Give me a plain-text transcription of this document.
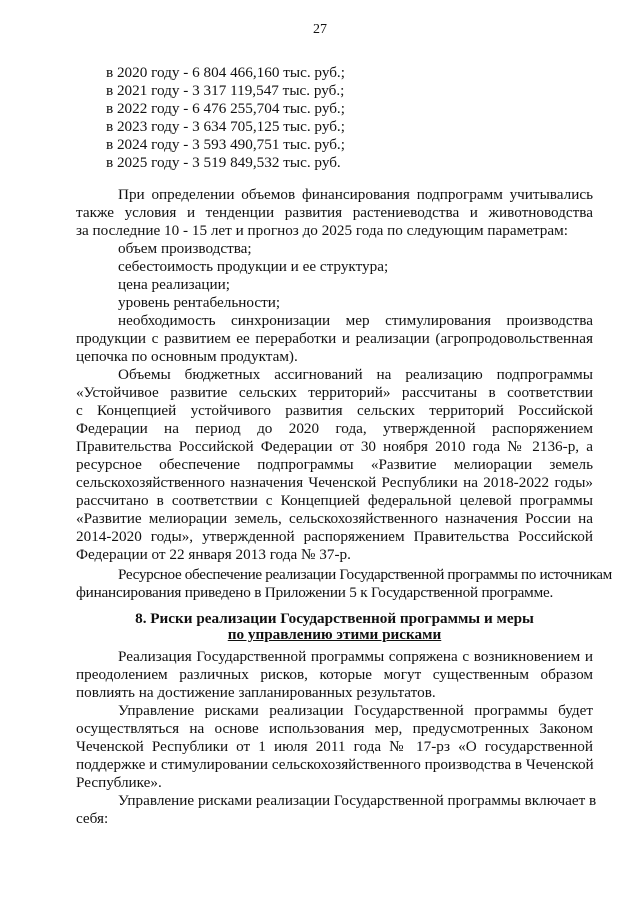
27
в 2020 году - 6 804 466,160 тыс. руб.;
в 2021 году - 3 317 119,547 тыс. руб.;
в 2022 году - 6 476 255,704 тыс. руб.;
в 2023 году - 3 634 705,125 тыс. руб.;
в 2024 году - 3 593 490,751 тыс. руб.;
в 2025 году - 3 519 849,532 тыс. руб.
При определении объемов финансирования подпрограмм учитывались
также условия и тенденции развития растениеводства и животноводства
за последние 10 - 15 лет и прогноз до 2025 года по следующим параметрам:
объем производства;
себестоимость продукции и ее структура;
цена реализации;
уровень рентабельности;
необходимость синхронизации мер стимулирования производства
продукции с развитием ее переработки и реализации (агропродовольственная
цепочка по основным продуктам).
Объемы бюджетных ассигнований на реализацию подпрограммы
«Устойчивое развитие сельских территорий» рассчитаны в соответствии
с Концепцией устойчивого развития сельских территорий Российской
Федерации на период до 2020 года, утвержденной распоряжением
Правительства Российской Федерации от 30 ноября 2010 года № 2136-р, а
ресурсное обеспечение подпрограммы «Развитие мелиорации земель
сельскохозяйственного назначения Чеченской Республики на 2018-2022 годы»
рассчитано в соответствии с Концепцией федеральной целевой программы
«Развитие мелиорации земель, сельскохозяйственного назначения России на
2014-2020 годы», утвержденной распоряжением Правительства Российской
Федерации от 22 января 2013 года № 37-р.
Ресурсное обеспечение реализации Государственной программы по источникам
финансирования приведено в Приложении 5 к Государственной программе.
8. Риски реализации Государственной программы и меры
по управлению этими рисками
Реализация Государственной программы сопряжена с возникновением и
преодолением различных рисков, которые могут существенным образом
повлиять на достижение запланированных результатов.
Управление рисками реализации Государственной программы будет
осуществляться на основе использования мер, предусмотренных Законом
Чеченской Республики от 1 июля 2011 года № 17-рз «О государственной
поддержке и стимулировании сельскохозяйственного производства в Чеченской
Республике».
Управление рисками реализации Государственной программы включает в
себя:
